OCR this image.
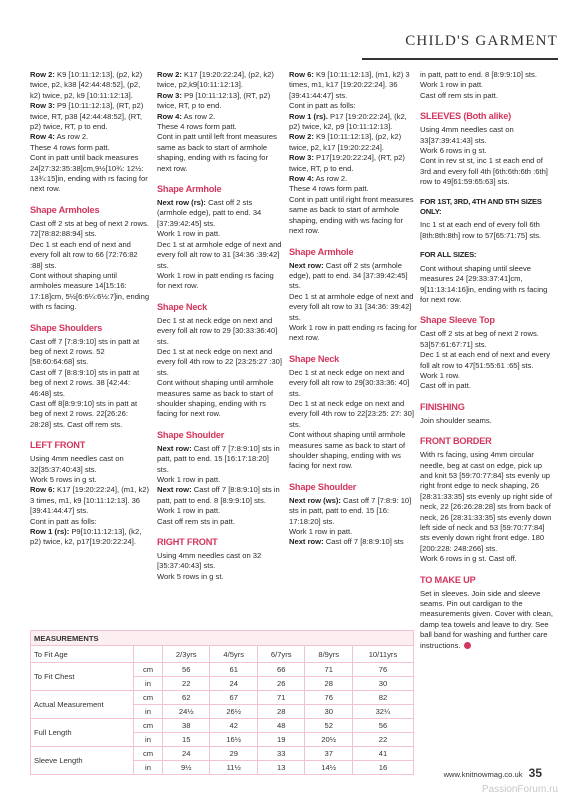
CHILD'S GARMENT

Row 2: K9 [10:11:12:13], (p2, k2) twice, p2, k38 [42:44:48:52], (p2, k2) twice, p2, k9 [10:11:12:13].

Row 3: P9 [10:11:12:13], (RT, p2) twice, RT, p38 [42:44:48:52], (RT, p2) twice, RT, p to end.

Row 4: As row 2.

These 4 rows form patt.

Cont in patt until back measures 24[27:32:35:38]cm,9½[10¾: 12½: 13¾:15]in, ending with rs facing for next row.

Shape Armholes

Cast off 2 sts at beg of next 2 rows. 72[78:82:88:94] sts.

Dec 1 st each end of next and every foll alt row to 66 [72:76:82 :88] sts.

Cont without shaping until armholes measure 14[15:16: 17:18]cm, 5½[6:6¼:6½:7]in, ending with rs facing.

Shape Shoulders

Cast off 7 [7:8:9:10] sts in patt at beg of next 2 rows. 52 [58:60:64:68] sts.

Cast off 7 [8:8:9:10] sts in patt at beg of next 2 rows. 38 [42:44: 46:48] sts.

Cast off 8[8:9:9:10] sts in patt at beg of next 2 rows. 22[26:26: 28:28] sts. Cast off rem sts.

LEFT FRONT

Using 4mm needles cast on 32[35:37:40:43] sts.

Work 5 rows in g st.

Row 6: K17 [19:20:22:24], (m1, k2) 3 times, m1, k9 [10:11:12:13]. 36 [39:41:44:47] sts.

Cont in patt as folls:

Row 1 (rs): P9[10:11:12:13], (k2, p2) twice, k2, p17[19:20:22:24].

Row 2: K17 [19:20:22:24], (p2, k2) twice, p2,k9[10:11:12:13].

Row 3: P9 [10:11:12:13], (RT, p2) twice, RT, p to end.

Row 4: As row 2.

These 4 rows form patt.

Cont in patt until left front measures same as back to start of armhole shaping, ending with rs facing for next row.

Shape Armhole

Next row (rs): Cast off 2 sts (armhole edge), patt to end. 34 [37:39:42:45] sts.

Work 1 row in patt.

Dec 1 st at armhole edge of next and every foll alt row to 31 [34:36 :39:42] sts.

Work 1 row in patt ending rs facing for next row.

Shape Neck

Dec 1 st at neck edge on next and every foll alt row to 29 [30:33:36:40] sts.

Dec 1 st at neck edge on next and every foll 4th row to 22 [23:25:27 :30] sts.

Cont without shaping until armhole measures same as back to start of shoulder shaping, ending with rs facing for next row.

Shape Shoulder

Next row: Cast off 7 [7:8:9:10] sts in patt, patt to end. 15 [16:17:18:20] sts.

Work 1 row in patt.

Next row: Cast off 7 [8:8:9:10] sts in patt, patt to end. 8 [8:9:9:10] sts. Work 1 row in patt.

Cast off rem sts in patt.

RIGHT FRONT

Using 4mm needles cast on 32 [35:37:40:43] sts.

Work 5 rows in g st.

Row 6: K9 [10:11:12:13], (m1, k2) 3 times, m1, k17 [19:20:22:24]. 36 [39:41:44:47] sts.

Cont in patt as folls:

Row 1 (rs). P17 [19:20:22:24], (k2, p2) twice, k2, p9 [10:11:12:13].

Row 2: K9 [10:11:12:13], (p2, k2) twice, p2, k17 [19:20:22:24].

Row 3: P17[19:20:22:24], (RT, p2) twice, RT, p to end.

Row 4: As row 2.

These 4 rows form patt.

Cont in patt until right front measures same as back to start of armhole shaping, ending with ws facing for next row.

Shape Armhole

Next row: Cast off 2 sts (armhole edge), patt to end. 34 [37:39:42:45] sts.

Dec 1 st at armhole edge of next and every foll alt row to 31 [34:36: 39:42] sts.

Work 1 row in patt ending rs facing for next row.

Shape Neck

Dec 1 st at neck edge on next and every foll alt row to 29[30:33:36: 40] sts.

Dec 1 st at neck edge on next and every foll 4th row to 22[23:25: 27: 30] sts.

Cont without shaping until armhole measures same as back to start of shoulder shaping, ending with ws facing for next row.

Shape Shoulder

Next row (ws): Cast off 7 [7:8:9: 10] sts in patt, patt to end. 15 [16: 17:18:20] sts.

Work 1 row in patt.

Next row: Cast off 7 [8:8:9:10] sts

in patt, patt to end. 8 [8:9:9:10] sts. Work 1 row in patt.

Cast off rem sts in patt.

SLEEVES (Both alike)

Using 4mm needles cast on 33[37:39:41:43] sts.

Work 6 rows in g st.

Cont in rev st st, inc 1 st each end of 3rd and every foll 4th [6th:6th:6th :6th] row to 49[61:59:65:63] sts.

FOR 1ST, 3RD, 4TH AND 5TH SIZES ONLY:

Inc 1 st at each end of every foll 6th [8th:8th:8th] row to 57[65:71:75] sts.

FOR ALL SIZES:

Cont without shaping until sleeve measures 24 [29:33:37:41]cm, 9[11:13:14:16]in, ending with rs facing for next row.

Shape Sleeve Top

Cast off 2 sts at beg of next 2 rows. 53[57:61:67:71] sts.

Dec 1 st at each end of next and every foll alt row to 47[51:55:61 :65] sts.

Work 1 row.

Cast off in patt.

FINISHING

Join shoulder seams.

FRONT BORDER

With rs facing, using 4mm circular needle, beg at cast on edge, pick up and knit 53 [59:70:77:84] sts evenly up right front edge to neck shaping, 26 [28:31:33:35] sts evenly up right side of neck, 22 [26:26:28:28] sts from back of neck, 26 [28:31:33:35] sts evenly down left side of neck and 53 [59:70:77:84] sts evenly down right front edge. 180 [200:228: 248:266] sts.

Work 6 rows in g st. Cast off.

TO MAKE UP

Set in sleeves. Join side and sleeve seams. Pin out cardigan to the measurements given. Cover with clean, damp tea towels and leave to dry. See ball band for washing and further care instructions.

MEASUREMENTS						
To Fit Age		2/3yrs	4/5yrs	6/7yrs	8/9yrs	10/11yrs
To Fit Chest	cm	56	61	66	71	76
	in	22	24	26	28	30
Actual Measurement	cm	62	67	71	76	82
	in	24½	26½	28	30	32¼
Full Length	cm	38	42	48	52	56
	in	15	16½	19	20½	22
Sleeve Length	cm	24	29	33	37	41
	in	9½	11½	13	14½	16
www.knitnowmag.co.uk 35
PassionForum.ru
